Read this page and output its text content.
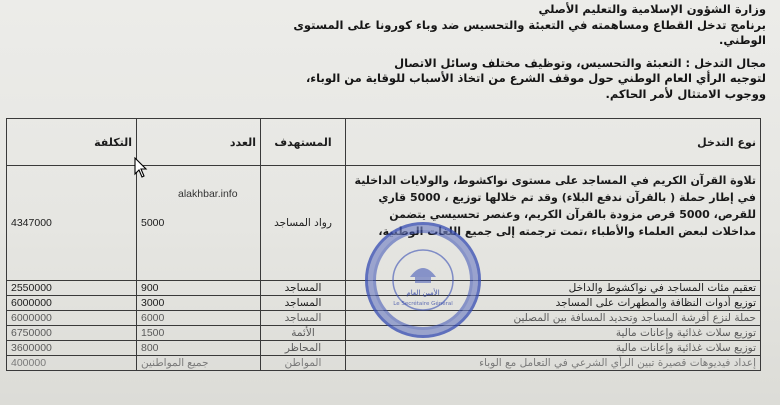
وزارة الشؤون الإسلامية والتعليم الأصلي
برنامج تدخل القطاع ومساهمته في التعبئة والتحسيس ضد وباء كورونا على المستوى
الوطني.
مجال التدخل : التعبئة والتحسيس، وتوظيف مختلف وسائل الاتصال
لتوجيه الرأي العام الوطني حول موقف الشرع من اتخاذ الأسباب للوقاية من الوباء،
ووجوب الامتثال لأمر الحاكم.
نوع التدخل	المستهدف	العدد	التكلفة

تلاوة القرآن الكريم في المساجد على مستوى نواكشوط، والولايات الداخلية في إطار حملة ( بالقرآن ندفع البلاء) وقد تم خلالها توزيع ، 5000 قاري للقرص، 5000 قرص مزودة بالقرآن الكريم، وعنصر تحسيسي يتضمن مداخلات لبعض العلماء والأطباء ،تمت ترجمته إلى جميع اللغات الوطنية،	رواد المساجد	5000	4347000
تعقيم مئات المساجد في نواكشوط والداخل	المساجد	900	2550000
توزيع أدوات النظافة والمطهرات على المساجد	المساجد	3000	6000000
حملة لنزع أفرشة المساجد وتحديد المسافة بين المصلين	المساجد	6000	6000000
توزيع سلات غذائية وإعانات مالية	الأئمة	1500	6750000
توزيع سلات غذائية وإعانات مالية	المحاظر	800	3600000
إعداد فيديوهات قصيرة تبين الرأي الشرعي في التعامل مع الوباء	المواطن	جميع المواطنين	400000
alakhbar.info
الأمين العام
Le Secrétaire Général
